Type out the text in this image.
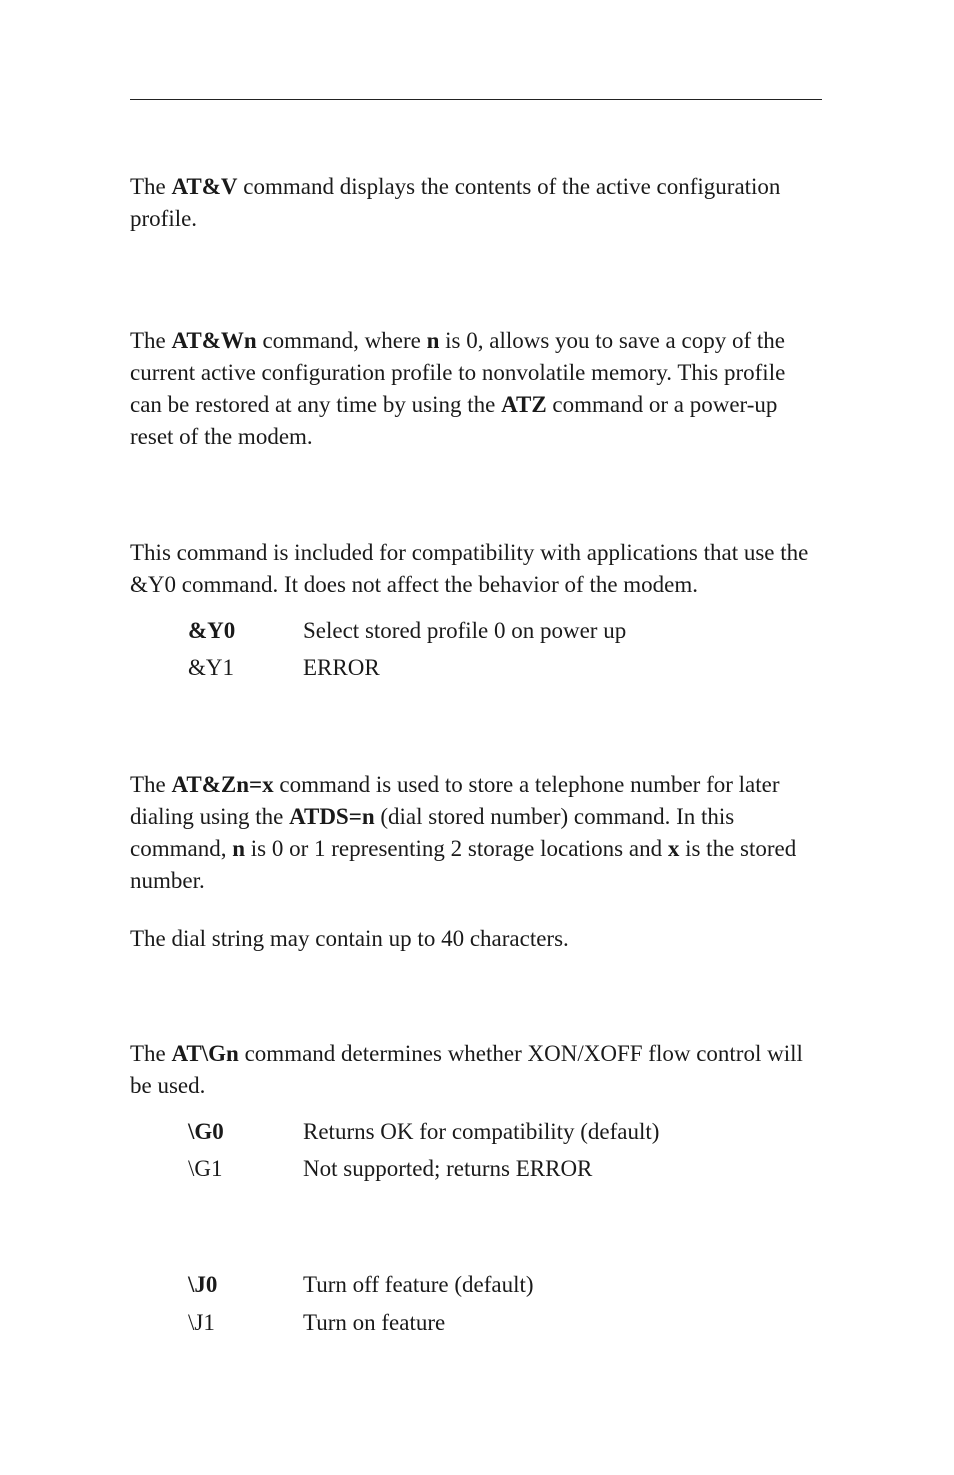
The AT&V command displays the contents of the active configuration profile.

The AT&Wn command, where n is 0, allows you to save a copy of the current active configuration profile to nonvolatile memory. This profile can be restored at any time by using the ATZ command or a power-up reset of the modem.

This command is included for compatibility with applications that use the &Y0 command. It does not affect the behavior of the modem.

&Y0	Select stored profile 0 on power up
&Y1	ERROR

The AT&Zn=x command is used to store a telephone number for later dialing using the ATDS=n (dial stored number) command. In this command, n is 0 or 1 representing 2 storage locations and x is the stored number.

The dial string may contain up to 40 characters.

The AT\Gn command determines whether XON/XOFF flow control will be used.

\G0	Returns OK for compatibility (default)
\G1	Not supported; returns ERROR
\J0	Turn off feature (default)
\J1	Turn on feature
